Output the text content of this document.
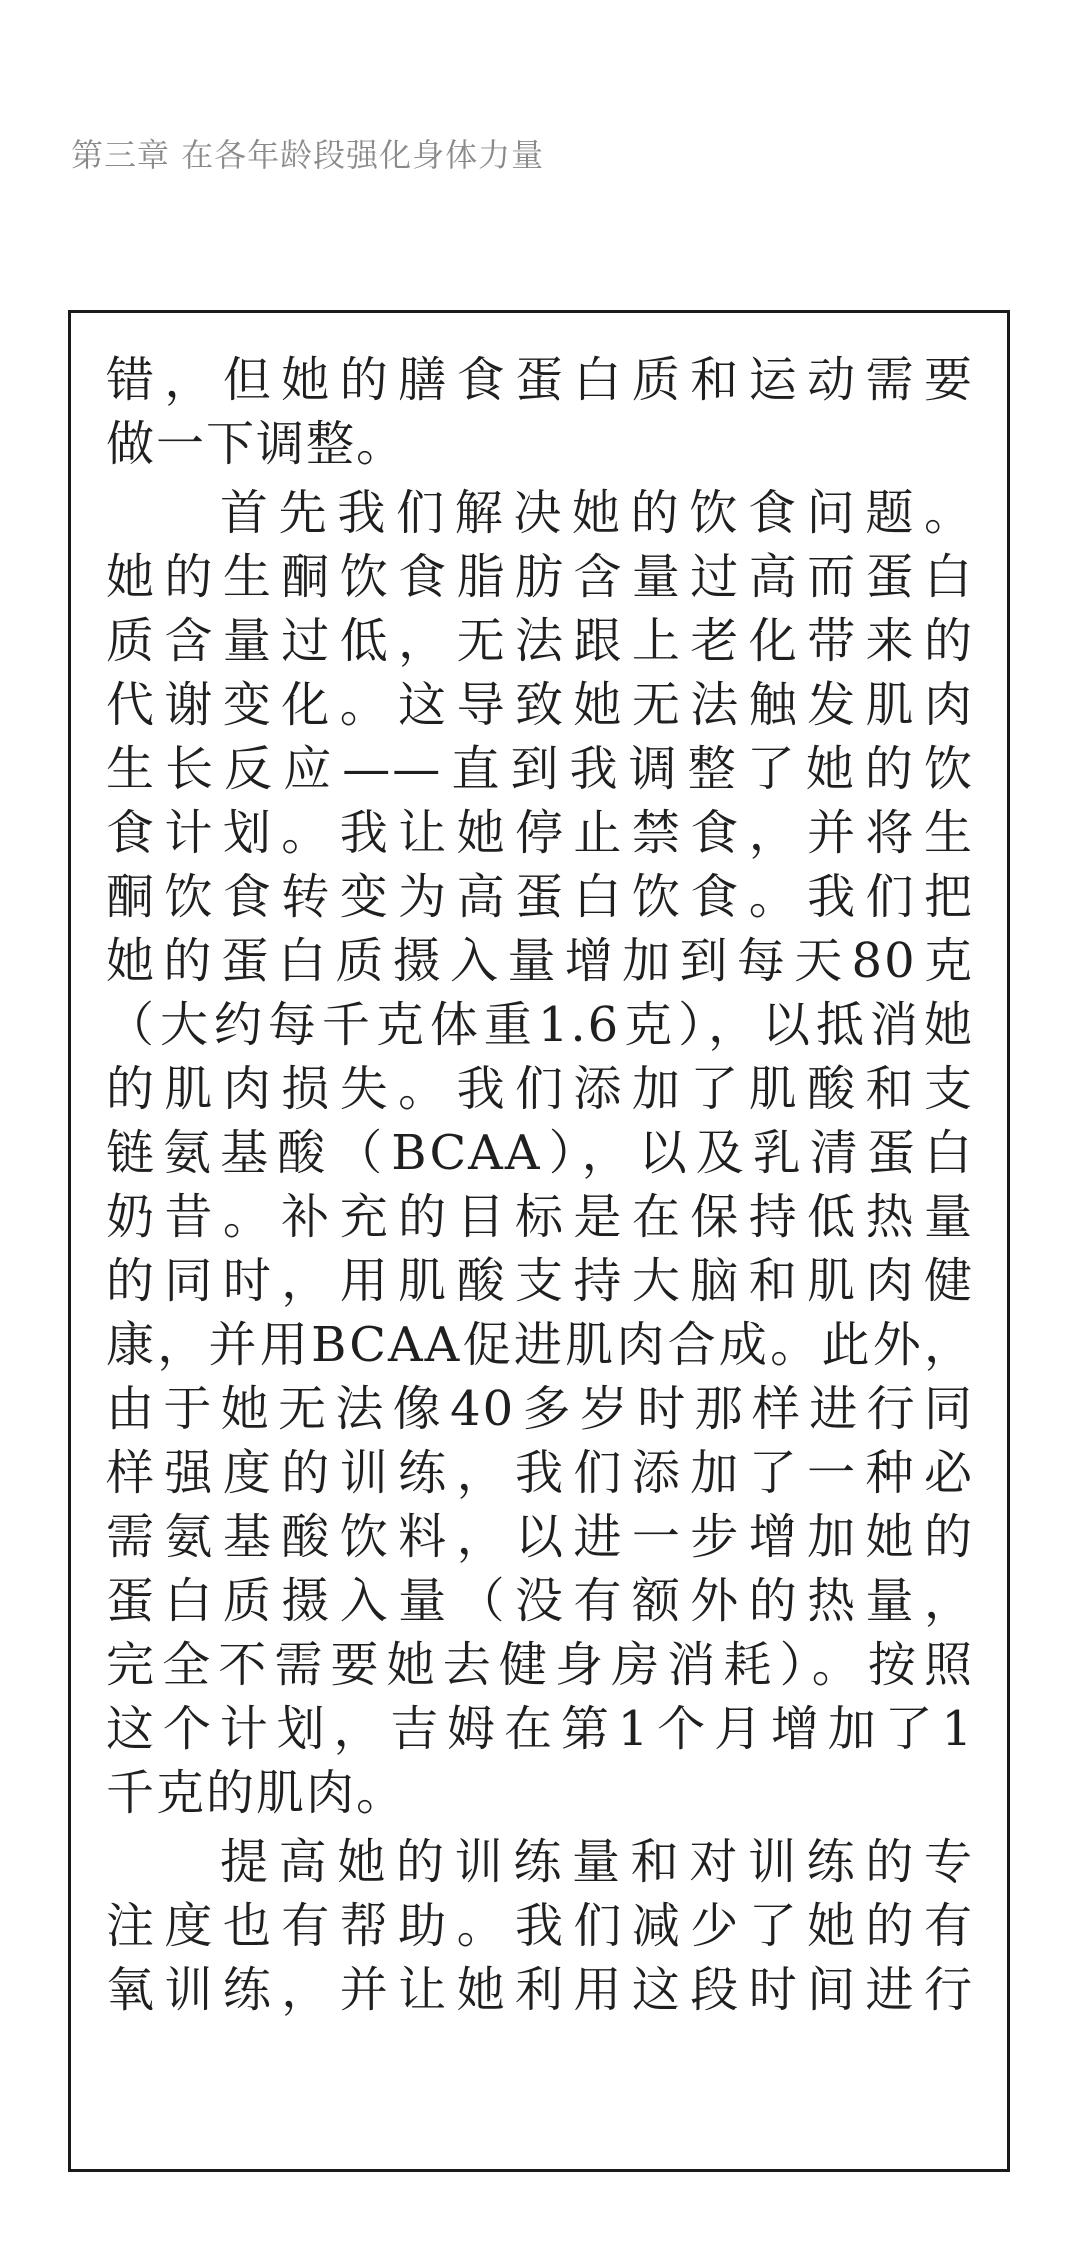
第三章 在各年龄段强化身体力量
错，但她的膳食蛋白质和运动需要
做一下调整。
首先我们解决她的饮食问题。
她的生酮饮食脂肪含量过高而蛋白
质含量过低，无法跟上老化带来的
代谢变化。这导致她无法触发肌肉
生长反应——直到我调整了她的饮
食计划。我让她停止禁食，并将生
酮饮食转变为高蛋白饮食。我们把
她的蛋白质摄入量增加到每天80克
（大约每千克体重1.6克），以抵消她
的肌肉损失。我们添加了肌酸和支
链氨基酸（BCAA），以及乳清蛋白
奶昔。补充的目标是在保持低热量
的同时，用肌酸支持大脑和肌肉健
康，并用BCAA促进肌肉合成。此外，
由于她无法像40多岁时那样进行同
样强度的训练，我们添加了一种必
需氨基酸饮料，以进一步增加她的
蛋白质摄入量（没有额外的热量，
完全不需要她去健身房消耗）。按照
这个计划，吉姆在第1个月增加了1
千克的肌肉。
提高她的训练量和对训练的专
注度也有帮助。我们减少了她的有
氧训练，并让她利用这段时间进行
